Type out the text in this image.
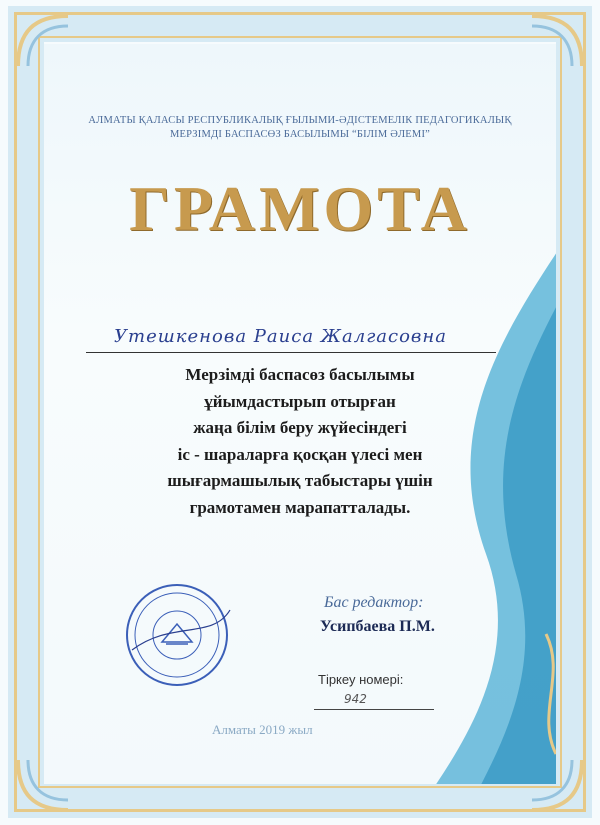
АЛМАТЫ ҚАЛАСЫ РЕСПУБЛИКАЛЫҚ ҒЫЛЫМИ-ӘДІСТЕМЕЛІК ПЕДАГОГИКАЛЫҚ
МЕРЗІМДІ БАСПАСӨЗ БАСЫЛЫМЫ “БІЛІМ ӘЛЕМІ”
ГРАМОТА
Утешкенова Раиса Жалгасовна
Мерзімді баспасөз басылымы
ұйымдастырып отырған
жаңа білім беру жүйесіндегі
іс - шараларға қосқан үлесі мен
шығармашылық табыстары үшін
грамотамен марапатталады.
Бас редактор:
Усипбаева П.М.
Тіркеу номері:
942
Алматы 2019 жыл
